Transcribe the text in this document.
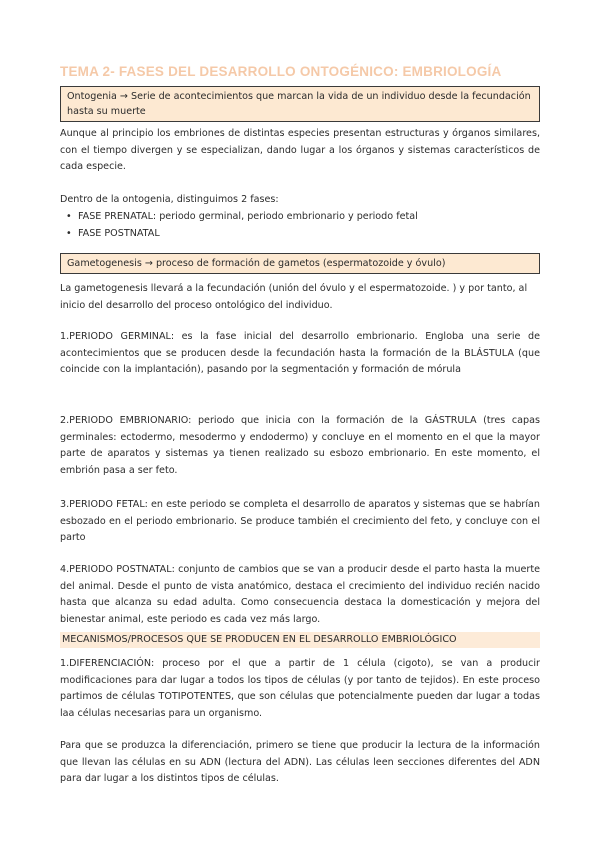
TEMA 2- FASES DEL DESARROLLO ONTOGÉNICO: EMBRIOLOGÍA
Ontogenia → Serie de acontecimientos que marcan la vida de un individuo desde la fecundación hasta su muerte

Aunque al principio los embriones de distintas especies presentan estructuras y órganos similares, con el tiempo divergen y se especializan, dando lugar a los órganos y sistemas característicos de cada especie.

Dentro de la ontogenia, distinguimos 2 fases:

• FASE PRENATAL: periodo germinal, periodo embrionario y periodo fetal
• FASE POSTNATAL
Gametogenesis → proceso de formación de gametos (espermatozoide y óvulo)

La gametogenesis llevará a la fecundación (unión del óvulo y el espermatozoide. ) y por tanto, al inicio del desarrollo del proceso ontológico del individuo.

1.PERIODO GERMINAL: es la fase inicial del desarrollo embrionario. Engloba una serie de acontecimientos que se producen desde la fecundación hasta la formación de la BLÁSTULA (que coincide con la implantación), pasando por la segmentación y formación de mórula

2.PERIODO EMBRIONARIO: periodo que inicia con la formación de la GÁSTRULA (tres capas germinales: ectodermo, mesodermo y endodermo) y concluye en el momento en el que la mayor parte de aparatos y sistemas ya tienen realizado su esbozo embrionario. En este momento, el embrión pasa a ser feto.

3.PERIODO FETAL: en este periodo se completa el desarrollo de aparatos y sistemas que se habrían esbozado en el periodo embrionario. Se produce también el crecimiento del feto, y concluye con el parto

4.PERIODO POSTNATAL: conjunto de cambios que se van a producir desde el parto hasta la muerte del animal. Desde el punto de vista anatómico, destaca el crecimiento del individuo recién nacido hasta que alcanza su edad adulta. Como consecuencia destaca la domesticación y mejora del bienestar animal, este periodo es cada vez más largo.

MECANISMOS/PROCESOS QUE SE PRODUCEN EN EL DESARROLLO EMBRIOLÓGICO

1.DIFERENCIACIÓN: proceso por el que a partir de 1 célula (cigoto), se van a producir modificaciones para dar lugar a todos los tipos de células (y por tanto de tejidos). En este proceso partimos de células TOTIPOTENTES, que son células que potencialmente pueden dar lugar a todas laa células necesarias para un organismo.

Para que se produzca la diferenciación, primero se tiene que producir la lectura de la información que llevan las células en su ADN (lectura del ADN). Las células leen secciones diferentes del ADN para dar lugar a los distintos tipos de células.
